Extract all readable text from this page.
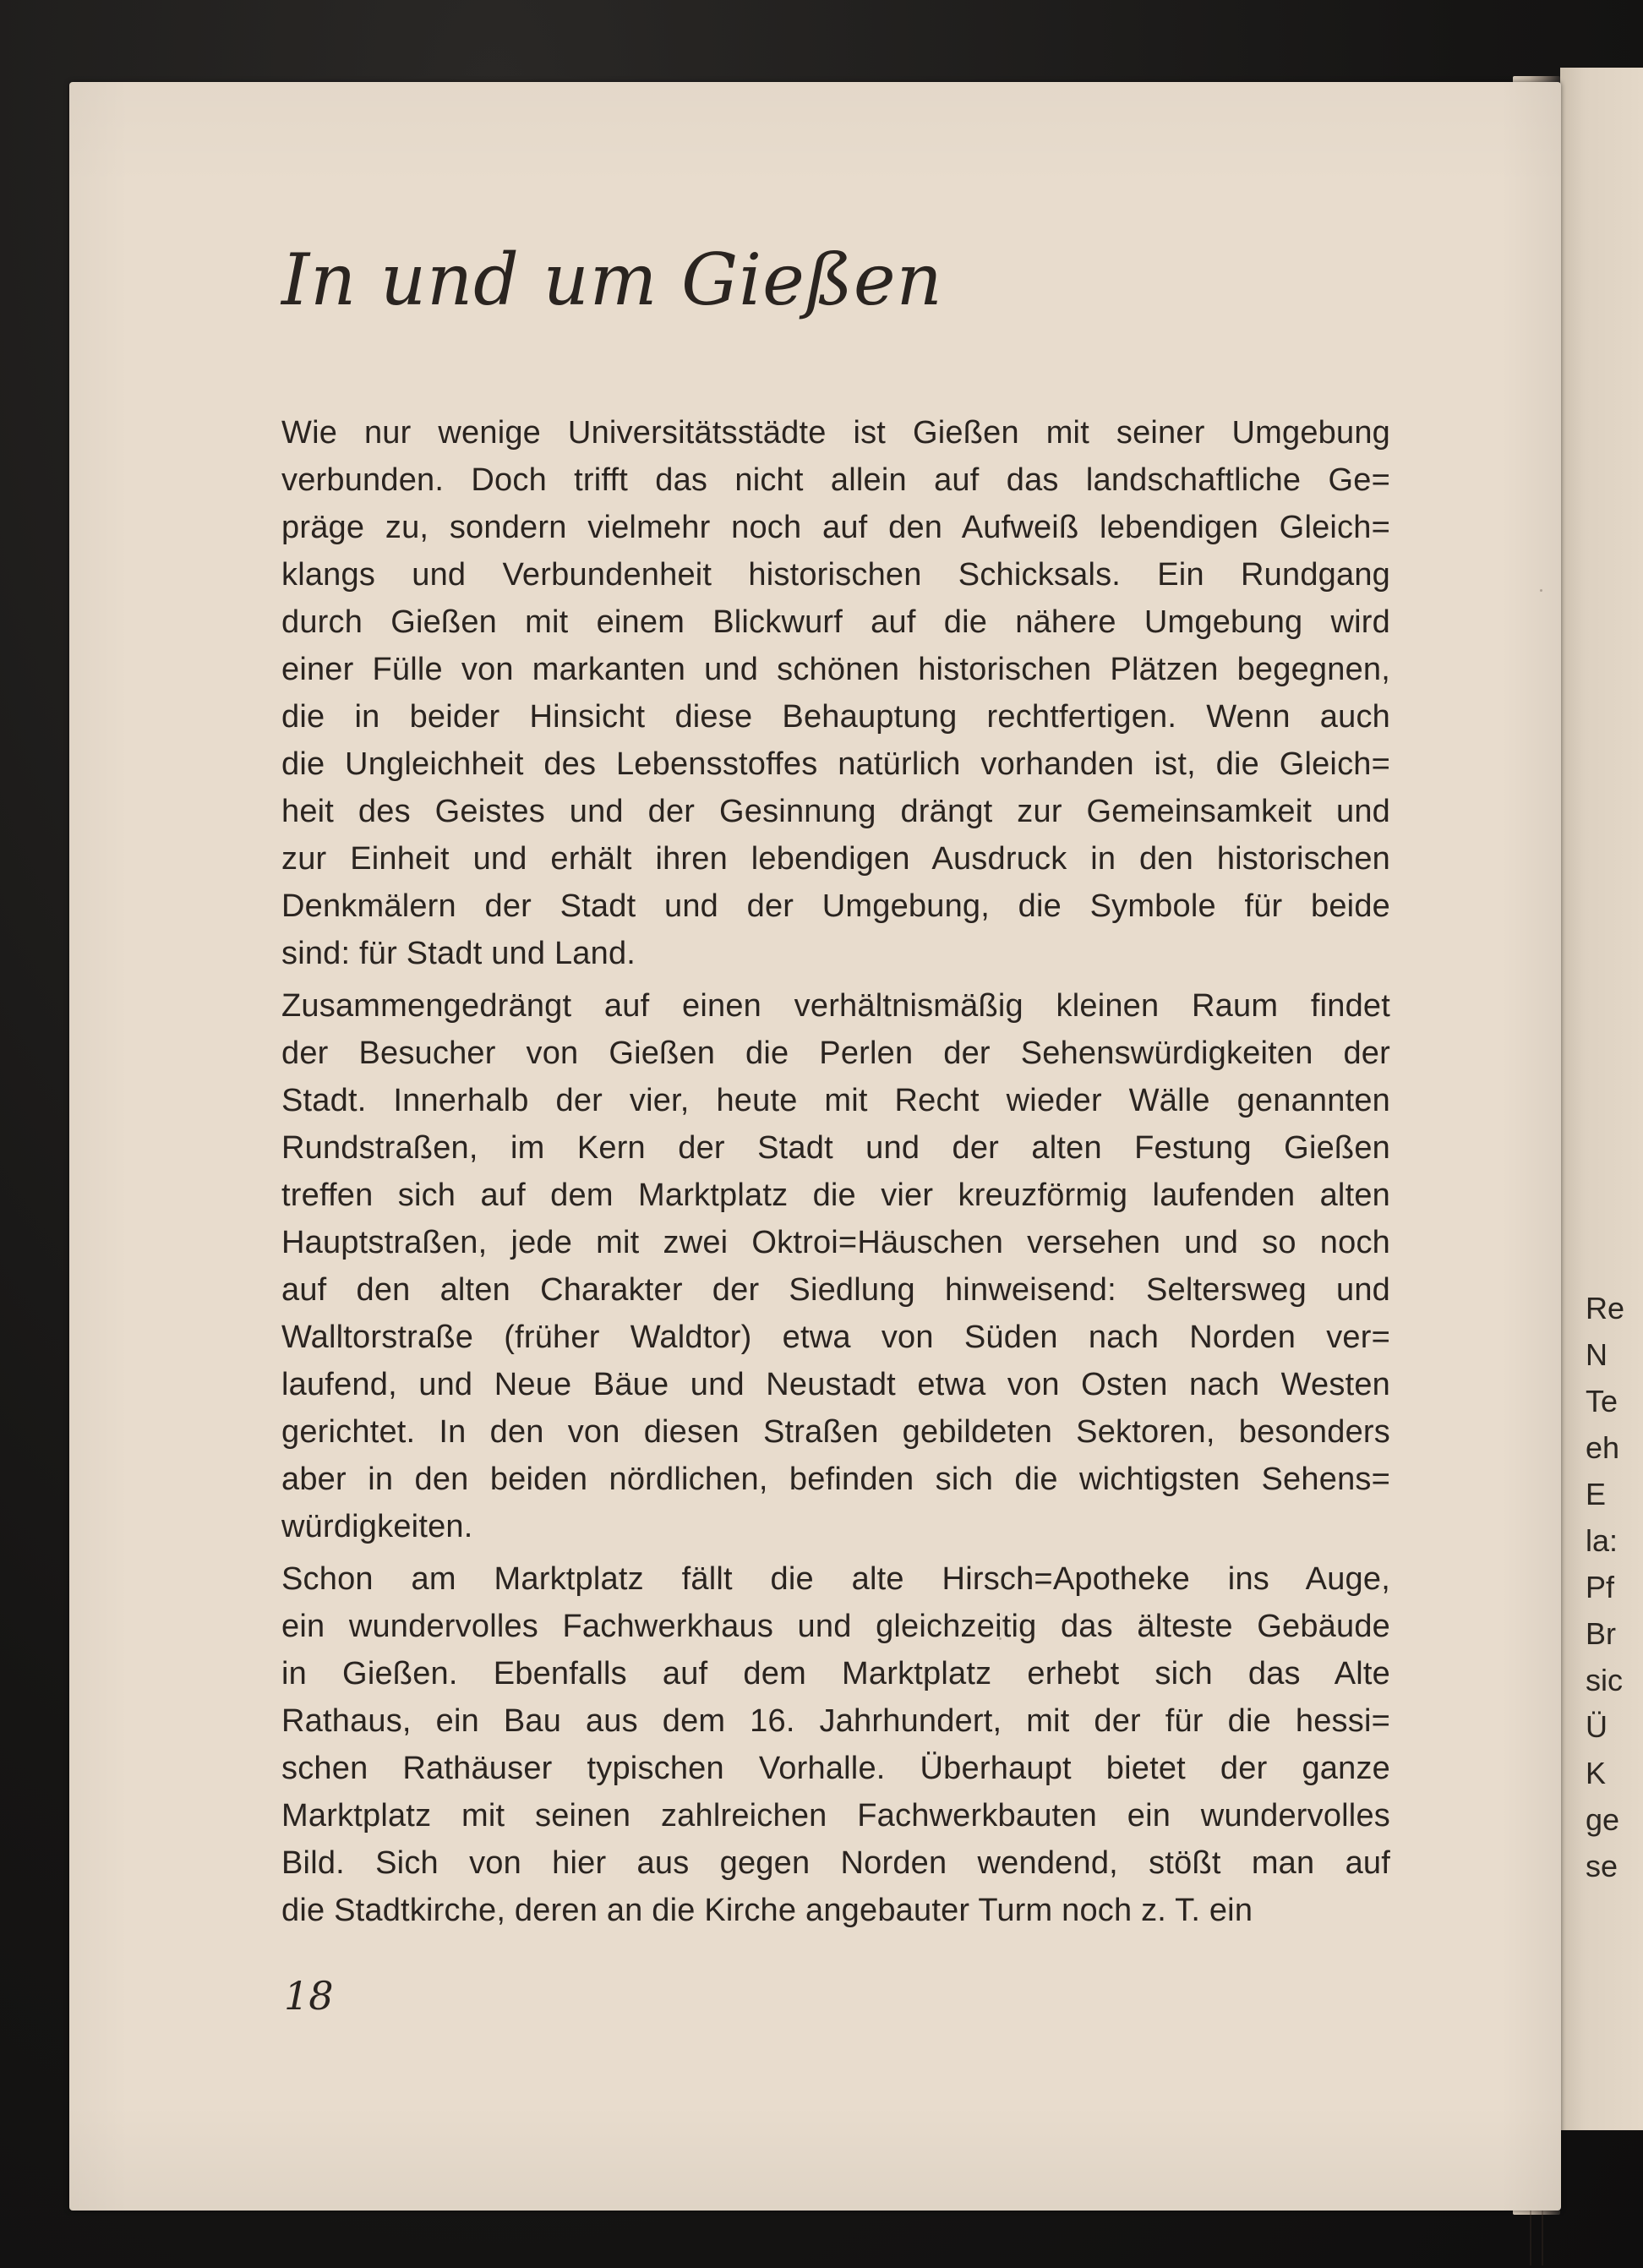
Re
N
Te
eh
E
la:
Pf
Br
sic
Ü
K
ge
se
In und um Gießen

Wie nur wenige Universitätsstädte ist Gießen mit seiner Umgebung
verbunden. Doch trifft das nicht allein auf das landschaftliche Ge=
präge zu, sondern vielmehr noch auf den Aufweiß lebendigen Gleich=
klangs und Verbundenheit historischen Schicksals. Ein Rundgang
durch Gießen mit einem Blickwurf auf die nähere Umgebung wird
einer Fülle von markanten und schönen historischen Plätzen begegnen,
die in beider Hinsicht diese Behauptung rechtfertigen. Wenn auch
die Ungleichheit des Lebensstoffes natürlich vorhanden ist, die Gleich=
heit des Geistes und der Gesinnung drängt zur Gemeinsamkeit und
zur Einheit und erhält ihren lebendigen Ausdruck in den historischen
Denkmälern der Stadt und der Umgebung, die Symbole für beide
sind: für Stadt und Land.

Zusammengedrängt auf einen verhältnismäßig kleinen Raum findet
der Besucher von Gießen die Perlen der Sehenswürdigkeiten der
Stadt. Innerhalb der vier, heute mit Recht wieder Wälle genannten
Rundstraßen, im Kern der Stadt und der alten Festung Gießen
treffen sich auf dem Marktplatz die vier kreuzförmig laufenden alten
Hauptstraßen, jede mit zwei Oktroi=Häuschen versehen und so noch
auf den alten Charakter der Siedlung hinweisend: Seltersweg und
Walltorstraße (früher Waldtor) etwa von Süden nach Norden ver=
laufend, und Neue Bäue und Neustadt etwa von Osten nach Westen
gerichtet. In den von diesen Straßen gebildeten Sektoren, besonders
aber in den beiden nördlichen, befinden sich die wichtigsten Sehens=
würdigkeiten.

Schon am Marktplatz fällt die alte Hirsch=Apotheke ins Auge,
ein wundervolles Fachwerkhaus und gleichzeitig das älteste Gebäude
in Gießen. Ebenfalls auf dem Marktplatz erhebt sich das Alte
Rathaus, ein Bau aus dem 16. Jahrhundert, mit der für die hessi=
schen Rathäuser typischen Vorhalle. Überhaupt bietet der ganze
Marktplatz mit seinen zahlreichen Fachwerkbauten ein wundervolles
Bild. Sich von hier aus gegen Norden wendend, stößt man auf
die Stadtkirche, deren an die Kirche angebauter Turm noch z. T. ein

18
